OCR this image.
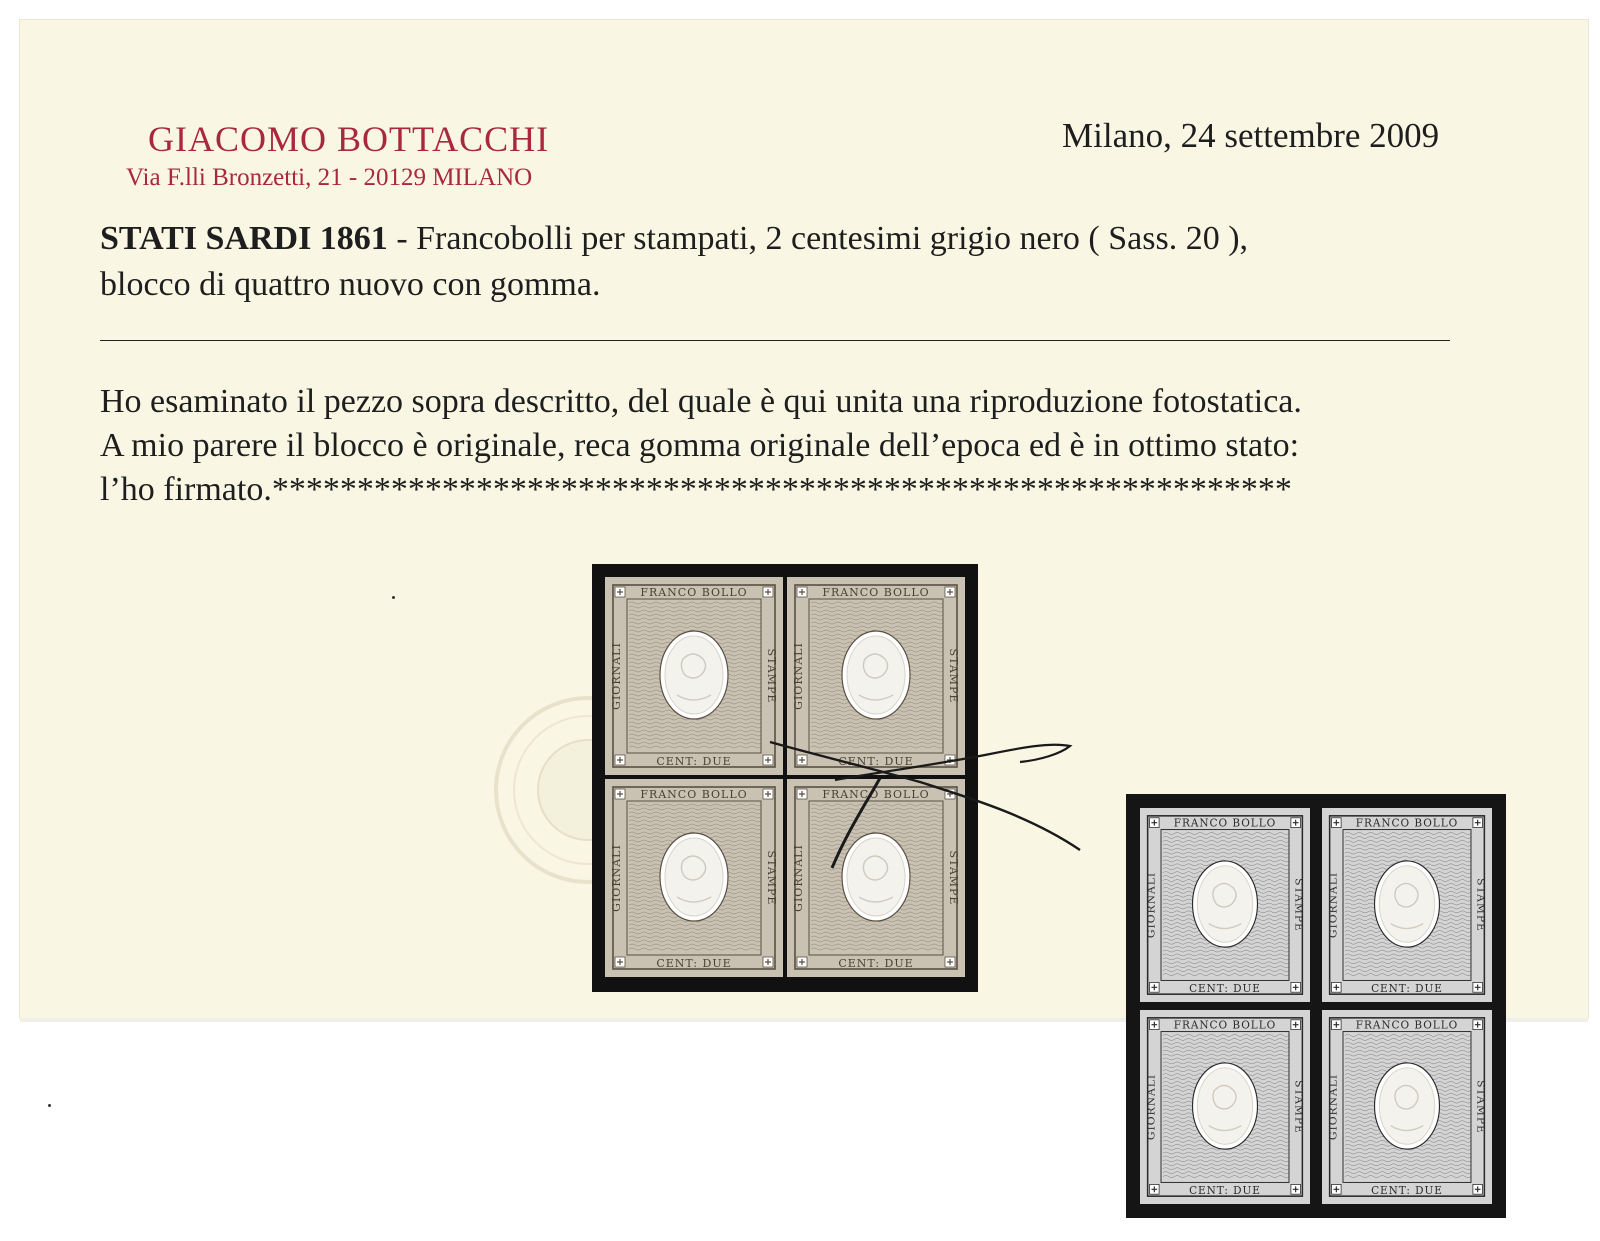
GIACOMO BOTTACCHI
Via F.lli Bronzetti, 21 - 20129 MILANO
Milano, 24 settembre 2009
STATI SARDI 1861 - Francobolli per stampati, 2 centesimi grigio nero ( Sass. 20 ),
blocco di quattro nuovo con gomma.
Ho esaminato il pezzo sopra descritto, del quale è qui unita una riproduzione fotostatica.
A mio parere il blocco è originale, reca gomma originale dell’epoca ed è in ottimo stato:
l’ho firmato.************************************************************
FRANCO BOLLO
CENT: DUE
GIORNALI	STAMPE
FRANCO BOLLO
CENT: DUE
GIORNALI	STAMPE
FRANCO BOLLO
CENT: DUE
GIORNALI	STAMPE
FRANCO BOLLO
CENT: DUE
GIORNALI	STAMPE
FRANCO BOLLO
CENT: DUE
GIORNALI	STAMPE
FRANCO BOLLO
CENT: DUE
GIORNALI	STAMPE
FRANCO BOLLO
CENT: DUE
GIORNALI	STAMPE
FRANCO BOLLO
CENT: DUE
GIORNALI	STAMPE
